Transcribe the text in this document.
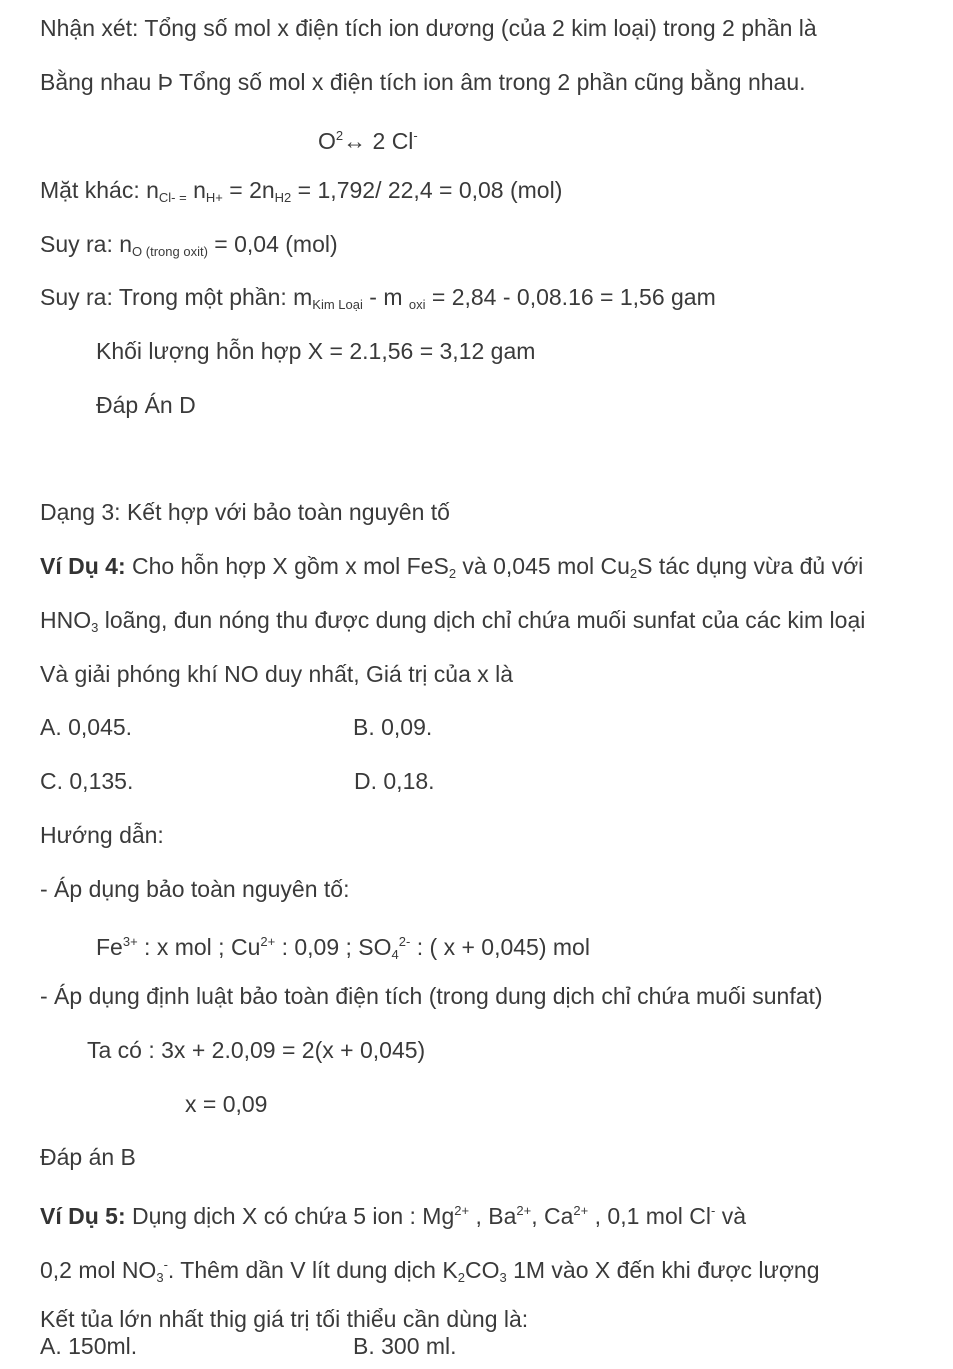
Nhận xét: Tổng số mol x điện tích ion dương (của 2 kim loại) trong 2 phần là
Bằng nhau Þ Tổng số mol x điện tích ion âm trong 2 phần cũng bằng nhau.
$O^2\leftrightarrow$ 2 Cl-
Mặt khác: $n_{Cl- =}$ $n_{H+} = 2n_{H2} = 1,792/$ 22,4 = 0,08 (mol)
Suy ra: $n_{O (trong oxit)} = 0,04$ (mol)
Suy ra: Trong một phần: $m_{Kim Loại}$ - m $_{oxi}$ = 2,84 - 0,08.16 = 1,56 gam
Khối lượng hỗn hợp X = 2.1,56 = 3,12 gam
Đáp Án D
Dạng 3: Kết hợp với bảo toàn nguyên tố
Ví Dụ 4: Cho hỗn hợp X gồm x mol FeS$_2$ và 0,045 mol $Cu_2S$ tác dụng vừa đủ với
$HNO_3$ loãng, đun nóng thu được dung dịch chỉ chứa muối sunfat của các kim loại
Và giải phóng khí NO duy nhất, Giá trị của x là
A. 0,045.	B. 0,09.
C. 0,135.	D. 0,18.
Hướng dẫn:
- Áp dụng bảo toàn nguyên tố:
$Fe^{3+}$ : x mol ; $Cu^{2+}$ : 0,09 ; $SO_4^{2-}$ : ( x + 0,045) mol
- Áp dụng định luật bảo toàn điện tích (trong dung dịch chỉ chứa muối sunfat)
Ta có : 3x + 2.0,09 = 2(x + 0,045)
x = 0,09
Đáp án B
Ví Dụ 5: Dụng dịch X có chứa 5 ion : $Mg^{2+}$ , $Ba^{2+}$, $Ca^{2+}$ , 0,1 mol Cl- và
0,2 mol $NO_3^-$. Thêm dần V lít dung dịch $K_2CO_3$ 1M vào X đến khi được lượng
Kết tủa lớn nhất thig giá trị tối thiểu cần dùng là:
A. 150ml.	B. 300 ml.
